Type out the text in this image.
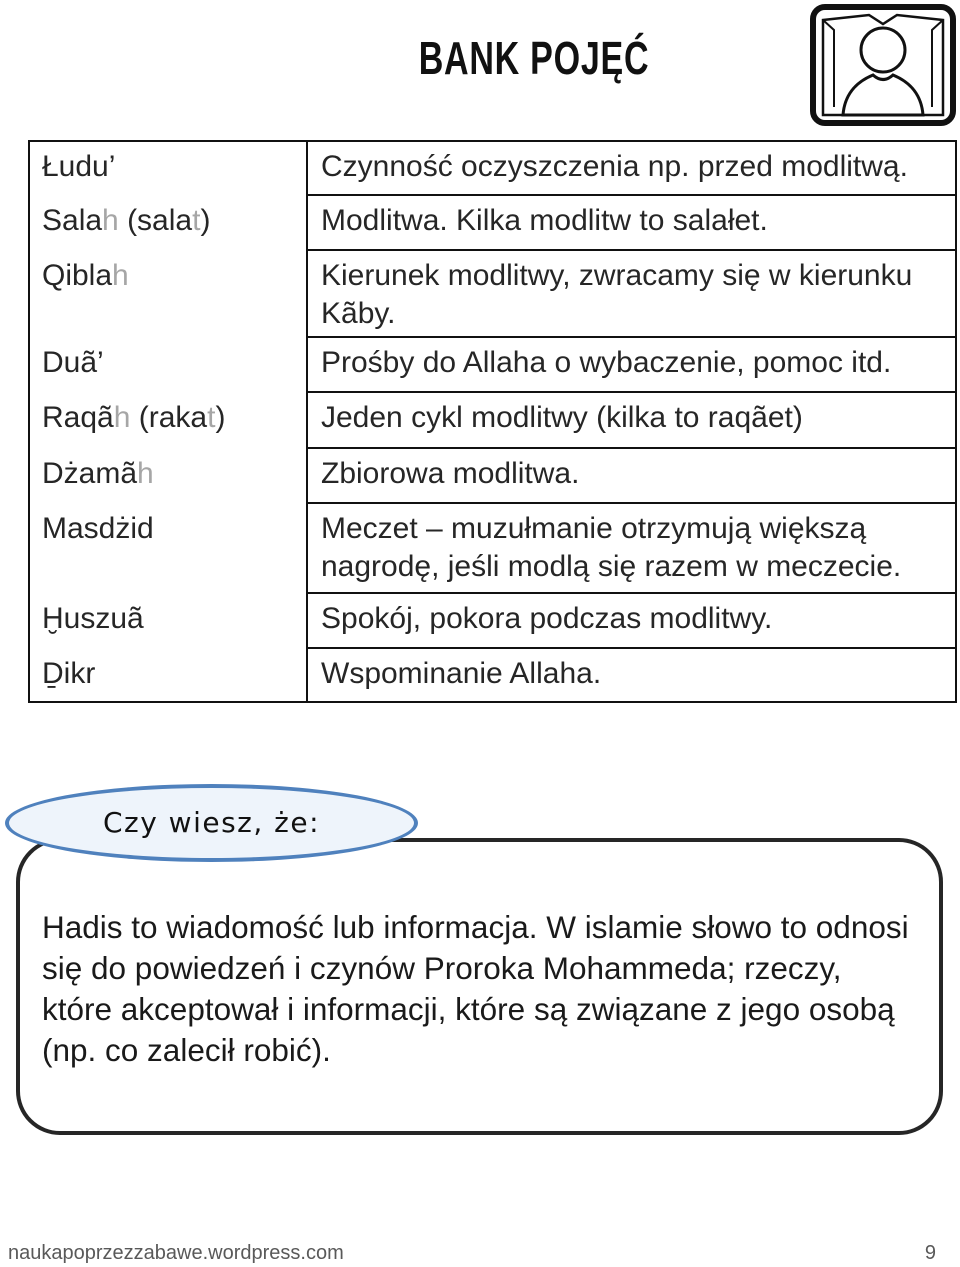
BANK POJĘĆ
Łudu’	Czynność oczyszczenia np. przed modlitwą.
Salah (salat)	Modlitwa. Kilka modlitw to salałet.
Qiblah	Kierunek modlitwy, zwracamy się w kierunku Kãby.
Duã’	Prośby do Allaha o wybaczenie, pomoc itd.
Raqãh (rakat)	Jeden cykl modlitwy (kilka to raqãet)
Dżamãh	Zbiorowa modlitwa.
Masdżid	Meczet – muzułmanie otrzymują większą nagrodę, jeśli modlą się razem w meczecie.
Ḫuszuã	Spokój, pokora podczas modlitwy.
Ḏikr	Wspominanie Allaha.
Czy wiesz, że:
Hadis to wiadomość lub informacja. W islamie słowo to odnosi
się do powiedzeń i czynów Proroka Mohammeda; rzeczy,
które akceptował i informacji, które są związane z jego osobą
(np. co zalecił robić).
naukapoprzezzabawe.wordpress.com	9
